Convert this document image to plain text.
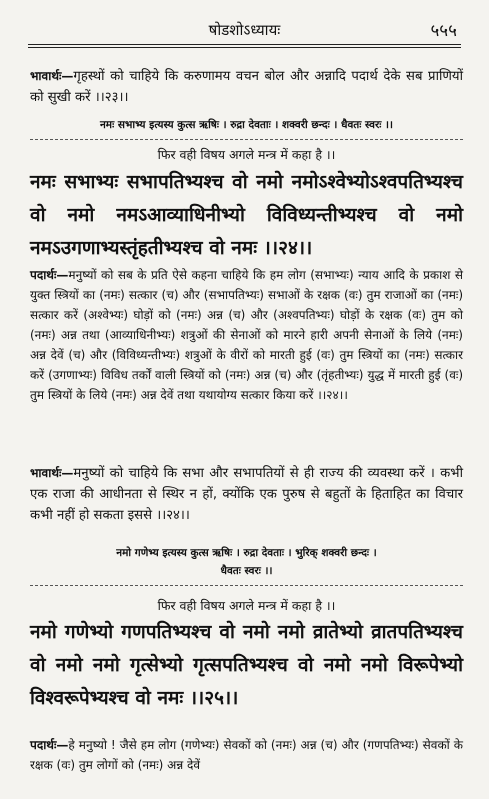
षोडशोऽध्यायः	५५५

भावार्थः—गृहस्थों को चाहिये कि करुणामय वचन बोल और अन्नादि पदार्थ देके सब प्राणियों को सुखी करें ।।२३।।

नमः सभाभ्य इत्यस्य कुत्स ऋषिः । रुद्रा देवताः । शक्वरी छन्दः । धैवतः स्वरः ।।

फिर वही विषय अगले मन्त्र में कहा है ।।

नमः सभाभ्यः सभापतिभ्यश्च वो नमो नमोऽश्वेभ्योऽश्वपतिभ्यश्च वो नमो नमऽआव्याधिनीभ्यो विविध्यन्तीभ्यश्च वो नमो नमऽउगणाभ्यस्तृंहतीभ्यश्च वो नमः ।।२४।।

पदार्थः—मनुष्यों को सब के प्रति ऐसे कहना चाहिये कि हम लोग (सभाभ्यः) न्याय आदि के प्रकाश से युक्त स्त्रियों का (नमः) सत्कार (च) और (सभापतिभ्यः) सभाओं के रक्षक (वः) तुम राजाओं का (नमः) सत्कार करें (अश्वेभ्यः) घोड़ों को (नमः) अन्न (च) और (अश्वपतिभ्यः) घोड़ों के रक्षक (वः) तुम को (नमः) अन्न तथा (आव्याधिनीभ्यः) शत्रुओं की सेनाओं को मारने हारी अपनी सेनाओं के लिये (नमः) अन्न देवें (च) और (विविध्यन्तीभ्यः) शत्रुओं के वीरों को मारती हुई (वः) तुम स्त्रियों का (नमः) सत्कार करें (उगणाभ्यः) विविध तर्कों वाली स्त्रियों को (नमः) अन्न (च) और (तृंहतीभ्यः) युद्ध में मारती हुई (वः) तुम स्त्रियों के लिये (नमः) अन्न देवें तथा यथायोग्य सत्कार किया करें ।।२४।।

भावार्थः—मनुष्यों को चाहिये कि सभा और सभापतियों से ही राज्य की व्यवस्था करें । कभी एक राजा की आधीनता से स्थिर न हों, क्योंकि एक पुरुष से बहुतों के हिताहित का विचार कभी नहीं हो सकता इससे ।।२४।।

नमो गणेभ्य इत्यस्य कुत्स ऋषिः । रुद्रा देवताः । भुरिक् शक्वरी छन्दः ।

धैवतः स्वरः ।।

फिर वही विषय अगले मन्त्र में कहा है ।।

नमो गणेभ्यो गणपतिभ्यश्च वो नमो नमो व्रातेभ्यो व्रातपतिभ्यश्च वो नमो नमो गृत्सेभ्यो गृत्सपतिभ्यश्च वो नमो नमो विरूपेभ्यो विश्वरूपेभ्यश्च वो नमः ।।२५।।

पदार्थः—हे मनुष्यो ! जैसे हम लोग (गणेभ्यः) सेवकों को (नमः) अन्न (च) और (गणपतिभ्यः) सेवकों के रक्षक (वः) तुम लोगों को (नमः) अन्न देवें
